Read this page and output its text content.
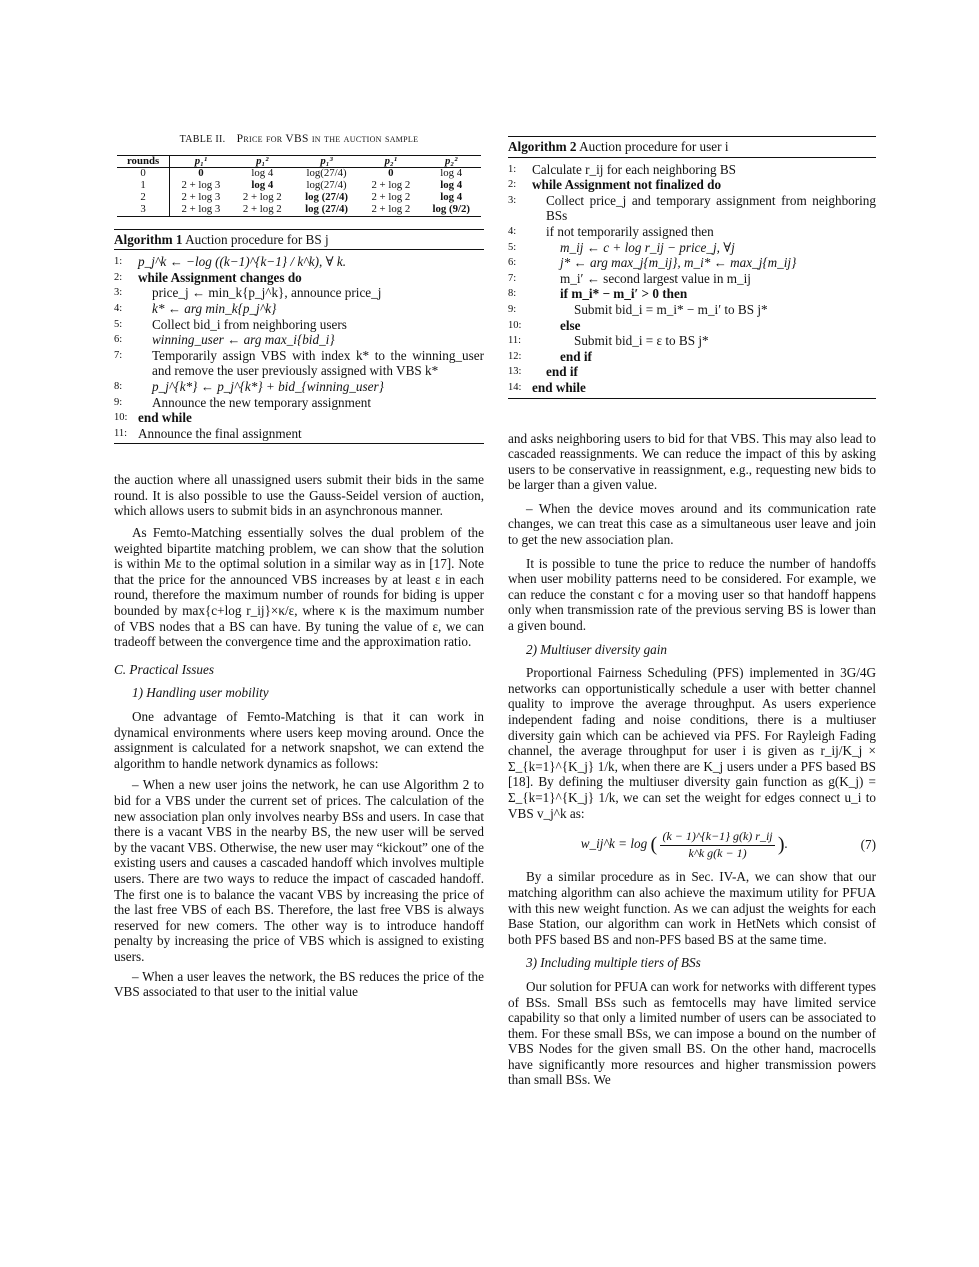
TABLE II. Price for VBS in the auction sample
rounds	p₁¹	p₁²	p₁³	p₂¹	p₂²
0	0	log 4	log(27/4)	0	log 4
1	2 + log 3	log 4	log(27/4)	2 + log 2	log 4
2	2 + log 3	2 + log 2	log (27/4)	2 + log 2	log 4
3	2 + log 3	2 + log 2	log (27/4)	2 + log 2	log (9/2)
Algorithm 1 Auction procedure for BS j
1:	p_j^k ← −log ((k−1)^{k−1} / k^k), ∀ k.
2:	while Assignment changes do
3:	price_j ← min_k{p_j^k}, announce price_j
4:	k* ← arg min_k{p_j^k}
5:	Collect bid_i from neighboring users
6:	winning_user ← arg max_i{bid_i}
7:	Temporarily assign VBS with index k* to the winning_user and remove the user previously assigned with VBS k*
8:	p_j^{k*} ← p_j^{k*} + bid_{winning_user}
9:	Announce the new temporary assignment
10: end while
11: Announce the final assignment

the auction where all unassigned users submit their bids in the same round. It is also possible to use the Gauss-Seidel version of auction, which allows users to submit bids in an asynchronous manner.

As Femto-Matching essentially solves the dual problem of the weighted bipartite matching problem, we can show that the solution is within Mε to the optimal solution in a similar way as in [17]. Note that the price for the announced VBS increases by at least ε in each round, therefore the maximum number of rounds for biding is upper bounded by max{c+log r_ij}×κ/ε, where κ is the maximum number of VBS nodes that a BS can have. By tuning the value of ε, we can tradeoff between the convergence time and the approximation ratio.

C. Practical Issues

1) Handling user mobility

One advantage of Femto-Matching is that it can work in dynamical environments where users keep moving around. Once the assignment is calculated for a network snapshot, we can extend the algorithm to handle network dynamics as follows:

– When a new user joins the network, he can use Algorithm 2 to bid for a VBS under the current set of prices. The calculation of the new association plan only involves nearby BSs and users. In case that there is a vacant VBS in the nearby BS, the new user will be served by the vacant VBS. Otherwise, the new user may “kickout” one of the existing users and causes a cascaded handoff which involves multiple users. There are two ways to reduce the impact of cascaded handoff. The first one is to balance the vacant VBS by increasing the price of the last free VBS of each BS. Therefore, the last free VBS is always reserved for new comers. The other way is to introduce handoff penalty by increasing the price of VBS which is assigned to existing users.

– When a user leaves the network, the BS reduces the price of the VBS associated to that user to the initial value

Algorithm 2 Auction procedure for user i
1:	Calculate r_ij for each neighboring BS
2:	while Assignment not finalized do
3:	Collect price_j and temporary assignment from neighboring BSs
4:	if not temporarily assigned then
5:	m_ij ← c + log r_ij − price_j, ∀j
6:	j* ← arg max_j{m_ij}, m_i* ← max_j{m_ij}
7:	m_i′ ← second largest value in m_ij
8:	if m_i* − m_i′ > 0 then
9:	Submit bid_i = m_i* − m_i′ to BS j*
10:	else
11:	Submit bid_i = ε to BS j*
12:	end if
13:	end if
14: end while

and asks neighboring users to bid for that VBS. This may also lead to cascaded reassignments. We can reduce the impact of this by asking users to be conservative in reassignment, e.g., requesting new bids to be larger than a given value.

– When the device moves around and its communication rate changes, we can treat this case as a simultaneous user leave and join to get the new association plan.

It is possible to tune the price to reduce the number of handoffs when user mobility patterns need to be considered. For example, we can reduce the constant c for a moving user so that handoff happens only when transmission rate of the previous serving BS is lower than a given bound.

2) Multiuser diversity gain

Proportional Fairness Scheduling (PFS) implemented in 3G/4G networks can opportunistically schedule a user with better channel quality to improve the average throughput. As users experience independent fading and noise conditions, there is a multiuser diversity gain which can be achieved via PFS. For Rayleigh Fading channel, the average throughput for user i is given as r_ij/K_j × Σ_{k=1}^{K_j} 1/k, when there are K_j users under a PFS based BS [18]. By defining the multiuser diversity gain function as g(K_j) = Σ_{k=1}^{K_j} 1/k, we can set the weight for edges connect u_i to VBS v_j^k as:

w_ij^k = log ( $\frac{(k - 1)\^{}\{k-1\} g(k) r\_ij}{\text{k\textasciicircum{}k g(k − 1)}}$ ).	(7)

By a similar procedure as in Sec. IV-A, we can show that our matching algorithm can also achieve the maximum utility for PFUA with this new weight function. As we can adjust the weights for each Base Station, our algorithm can work in HetNets which consist of both PFS based BS and non-PFS based BS at the same time.

3) Including multiple tiers of BSs

Our solution for PFUA can work for networks with different types of BSs. Small BSs such as femtocells may have limited service capability so that only a limited number of users can be associated to them. For these small BSs, we can impose a bound on the number of VBS Nodes for the given small BS. On the other hand, macrocells have significantly more resources and higher transmission powers than small BSs. We
